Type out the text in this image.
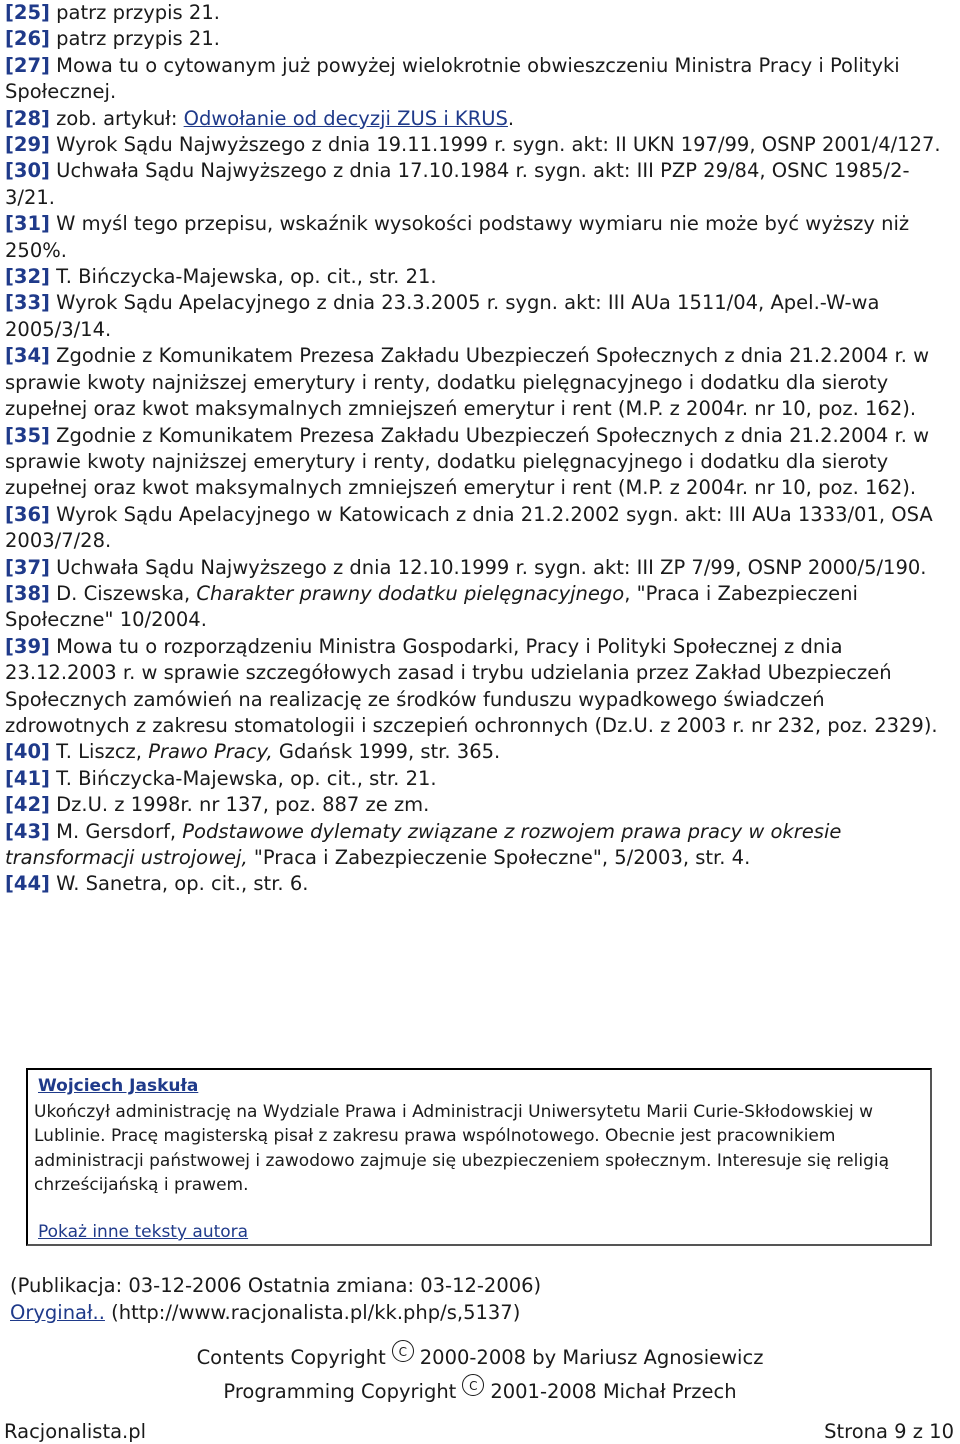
[25] patrz przypis 21.

[26] patrz przypis 21.

[27] Mowa tu o cytowanym już powyżej wielokrotnie obwieszczeniu Ministra Pracy i Polityki Społecznej.

[28] zob. artykuł: Odwołanie od decyzji ZUS i KRUS.

[29] Wyrok Sądu Najwyższego z dnia 19.11.1999 r. sygn. akt: II UKN 197/99, OSNP 2001/4/127.

[30] Uchwała Sądu Najwyższego z dnia 17.10.1984 r. sygn. akt: III PZP 29/84, OSNC 1985/2-3/21.

[31] W myśl tego przepisu, wskaźnik wysokości podstawy wymiaru nie może być wyższy niż 250%.

[32] T. Bińczycka-Majewska, op. cit., str. 21.

[33] Wyrok Sądu Apelacyjnego z dnia 23.3.2005 r. sygn. akt: III AUa 1511/04, Apel.-W-wa 2005/3/14.

[34] Zgodnie z Komunikatem Prezesa Zakładu Ubezpieczeń Społecznych z dnia 21.2.2004 r. w sprawie kwoty najniższej emerytury i renty, dodatku pielęgnacyjnego i dodatku dla sieroty zupełnej oraz kwot maksymalnych zmniejszeń emerytur i rent (M.P. z 2004r. nr 10, poz. 162).

[35] Zgodnie z Komunikatem Prezesa Zakładu Ubezpieczeń Społecznych z dnia 21.2.2004 r. w sprawie kwoty najniższej emerytury i renty, dodatku pielęgnacyjnego i dodatku dla sieroty zupełnej oraz kwot maksymalnych zmniejszeń emerytur i rent (M.P. z 2004r. nr 10, poz. 162).

[36] Wyrok Sądu Apelacyjnego w Katowicach z dnia 21.2.2002 sygn. akt: III AUa 1333/01, OSA 2003/7/28.

[37] Uchwała Sądu Najwyższego z dnia 12.10.1999 r. sygn. akt: III ZP 7/99, OSNP 2000/5/190.

[38] D. Ciszewska, Charakter prawny dodatku pielęgnacyjnego, "Praca i Zabezpieczeni Społeczne" 10/2004.

[39] Mowa tu o rozporządzeniu Ministra Gospodarki, Pracy i Polityki Społecznej z dnia 23.12.2003 r. w sprawie szczegółowych zasad i trybu udzielania przez Zakład Ubezpieczeń Społecznych zamówień na realizację ze środków funduszu wypadkowego świadczeń zdrowotnych z zakresu stomatologii i szczepień ochronnych (Dz.U. z 2003 r. nr 232, poz. 2329).

[40] T. Liszcz, Prawo Pracy, Gdańsk 1999, str. 365.

[41] T. Bińczycka-Majewska, op. cit., str. 21.

[42] Dz.U. z 1998r. nr 137, poz. 887 ze zm.

[43] M. Gersdorf, Podstawowe dylematy związane z rozwojem prawa pracy w okresie transformacji ustrojowej, "Praca i Zabezpieczenie Społeczne", 5/2003, str. 4.

[44] W. Sanetra, op. cit., str. 6.

Wojciech Jaskuła
Ukończył administrację na Wydziale Prawa i Administracji Uniwersytetu Marii Curie-Skłodowskiej w Lublinie. Pracę magisterską pisał z zakresu prawa wspólnotowego. Obecnie jest pracownikiem administracji państwowej i zawodowo zajmuje się ubezpieczeniem społecznym. Interesuje się religią chrześcijańską i prawem.
Pokaż inne teksty autora
(Publikacja: 03-12-2006 Ostatnia zmiana: 03-12-2006)
Oryginał.. (http://www.racjonalista.pl/kk.php/s,5137)
Contents Copyright C 2000-2008 by Mariusz Agnosiewicz
Programming Copyright C 2001-2008 Michał Przech
Racjonalista.pl	Strona 9 z 10
